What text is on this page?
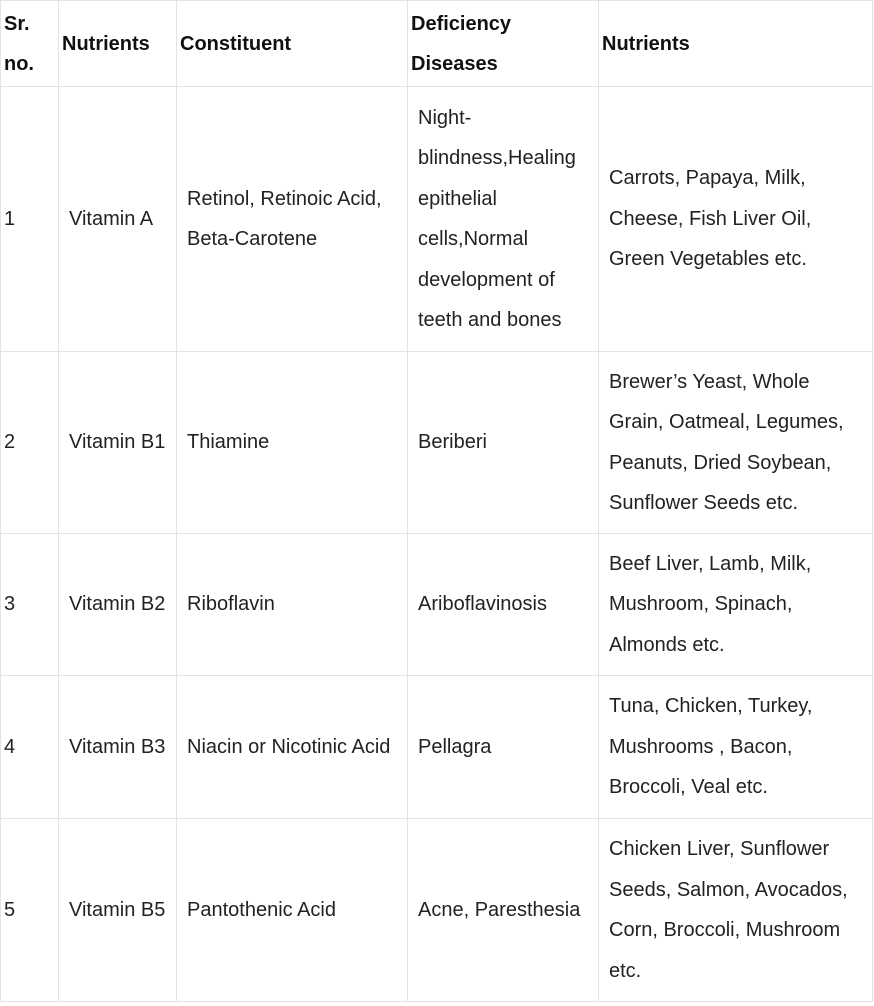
Sr. no.	Nutrients	Constituent	Deficiency Diseases	Nutrients
1	Vitamin A	Retinol, Retinoic Acid, Beta-Carotene	Night-blindness,Healing epithelial cells,Normal development of teeth and bones	Carrots, Papaya, Milk, Cheese, Fish Liver Oil, Green Vegetables etc.
2	Vitamin B1	Thiamine	Beriberi	Brewer’s Yeast, Whole Grain, Oatmeal, Legumes, Peanuts, Dried Soybean, Sunflower Seeds etc.
3	Vitamin B2	Riboflavin	Ariboflavinosis	Beef Liver, Lamb, Milk, Mushroom, Spinach, Almonds etc.
4	Vitamin B3	Niacin or Nicotinic Acid	Pellagra	Tuna, Chicken, Turkey, Mushrooms , Bacon, Broccoli, Veal etc.
5	Vitamin B5	Pantothenic Acid	Acne, Paresthesia	Chicken Liver, Sunflower Seeds, Salmon, Avocados, Corn, Broccoli, Mushroom etc.
